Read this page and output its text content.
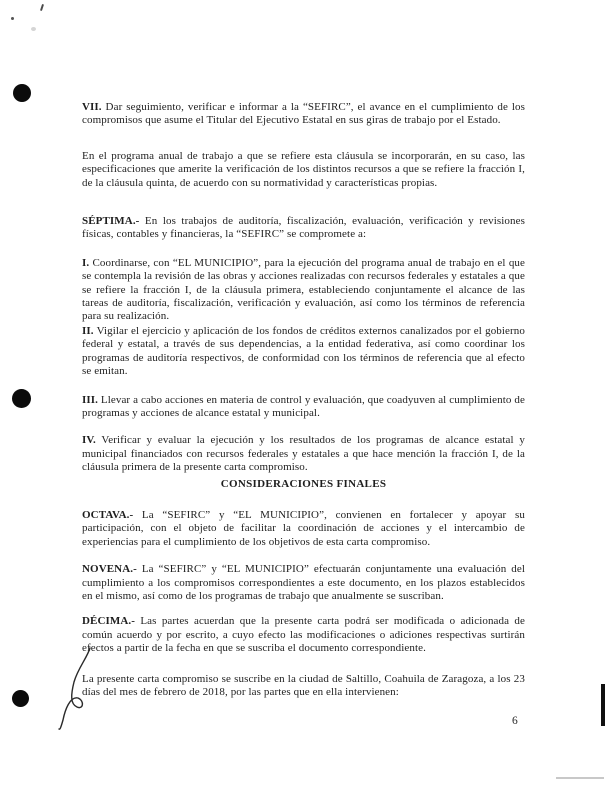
VII. Dar seguimiento, verificar e informar a la “SEFIRC”, el avance en el cumplimiento de los compromisos que asume el Titular del Ejecutivo Estatal en sus giras de trabajo por el Estado.

En el programa anual de trabajo a que se refiere esta cláusula se incorporarán, en su caso, las especificaciones que amerite la verificación de los distintos recursos a que se refiere la fracción I, de la cláusula quinta, de acuerdo con su normatividad y características propias.

SÉPTIMA.- En los trabajos de auditoría, fiscalización, evaluación, verificación y revisiones físicas, contables y financieras, la “SEFIRC” se compromete a:

I. Coordinarse, con “EL MUNICIPIO”, para la ejecución del programa anual de trabajo en el que se contempla la revisión de las obras y acciones realizadas con recursos federales y estatales a que se refiere la fracción I, de la cláusula primera, estableciendo conjuntamente el alcance de las tareas de auditoría, fiscalización, verificación y evaluación, así como los términos de referencia para su realización.

II. Vigilar el ejercicio y aplicación de los fondos de créditos externos canalizados por el gobierno federal y estatal, a través de sus dependencias, a la entidad federativa, así como coordinar los programas de auditoría respectivos, de conformidad con los términos de referencia que al efecto se emitan.

III. Llevar a cabo acciones en materia de control y evaluación, que coadyuven al cumplimiento de programas y acciones de alcance estatal y municipal.

IV. Verificar y evaluar la ejecución y los resultados de los programas de alcance estatal y municipal financiados con recursos federales y estatales a que hace mención la fracción I, de la cláusula primera de la presente carta compromiso.

CONSIDERACIONES FINALES

OCTAVA.- La “SEFIRC” y “EL MUNICIPIO”, convienen en fortalecer y apoyar su participación, con el objeto de facilitar la coordinación de acciones y el intercambio de experiencias para el cumplimiento de los objetivos de esta carta compromiso.

NOVENA.- La “SEFIRC” y “EL MUNICIPIO” efectuarán conjuntamente una evaluación del cumplimiento a los compromisos correspondientes a este documento, en los plazos establecidos en el mismo, así como de los programas de trabajo que anualmente se suscriban.

DÉCIMA.- Las partes acuerdan que la presente carta podrá ser modificada o adicionada de común acuerdo y por escrito, a cuyo efecto las modificaciones o adiciones respectivas surtirán efectos a partir de la fecha en que se suscriba el documento correspondiente.

La presente carta compromiso se suscribe en la ciudad de Saltillo, Coahuila de Zaragoza, a los 23 días del mes de febrero de 2018, por las partes que en ella intervienen:

6
